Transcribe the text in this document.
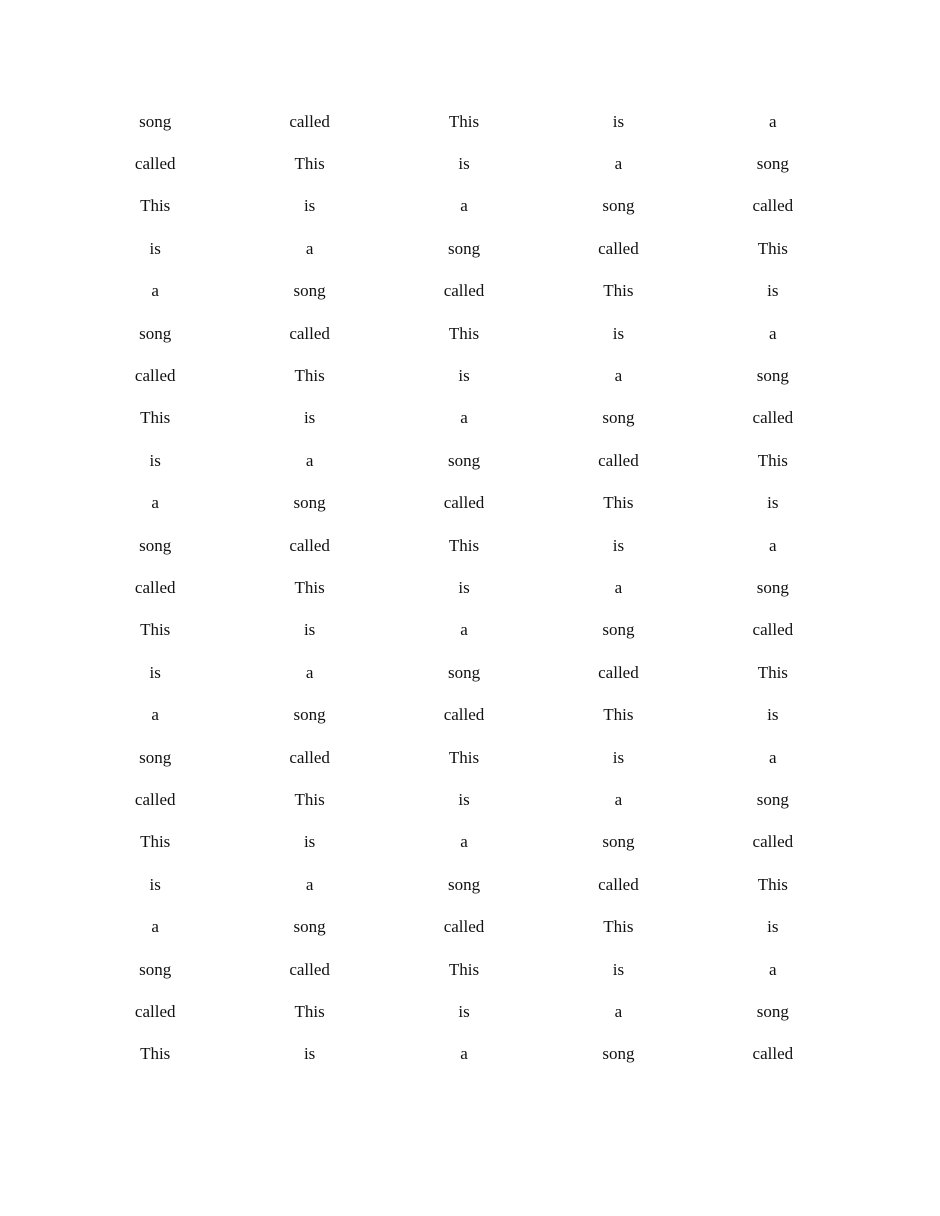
song	called	This	is	a
called	This	is	a	song
This	is	a	song	called
is	a	song	called	This
a	song	called	This	is
song	called	This	is	a
called	This	is	a	song
This	is	a	song	called
is	a	song	called	This
a	song	called	This	is
song	called	This	is	a
called	This	is	a	song
This	is	a	song	called
is	a	song	called	This
a	song	called	This	is
song	called	This	is	a
called	This	is	a	song
This	is	a	song	called
is	a	song	called	This
a	song	called	This	is
song	called	This	is	a
called	This	is	a	song
This	is	a	song	called
